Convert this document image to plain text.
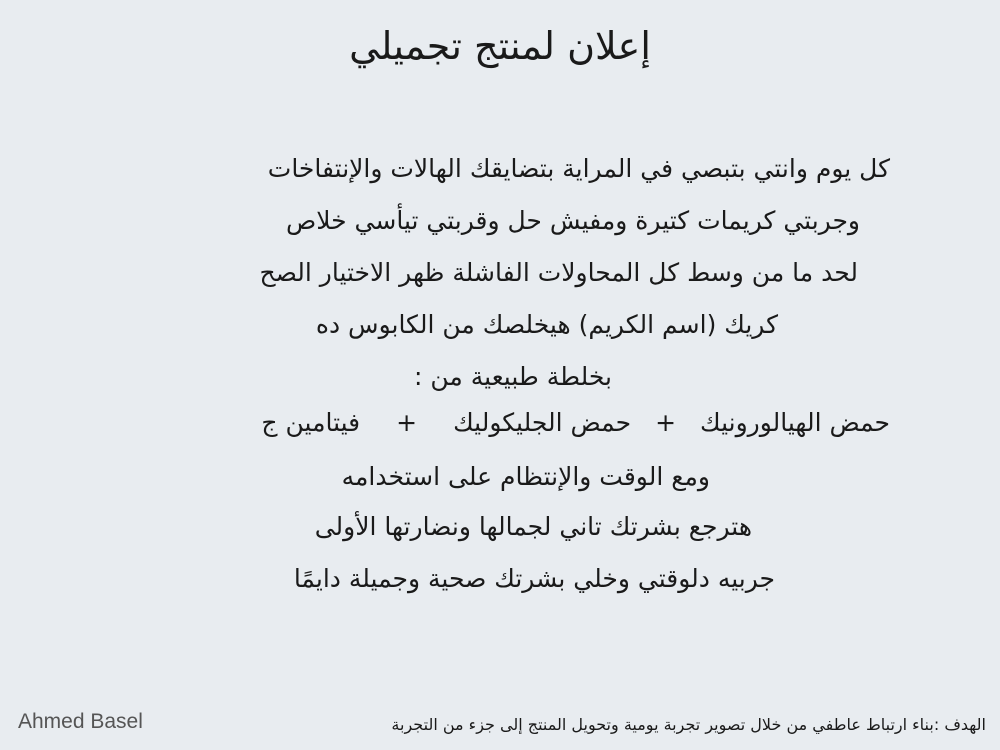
إعلان لمنتج تجميلي
كل يوم وانتي بتبصي في المراية بتضايقك الهالات والإنتفاخات
وجربتي كريمات كتيرة ومفيش حل وقربتي تيأسي خلاص
لحد ما من وسط كل المحاولات الفاشلة ظهر الاختيار الصح
كريك (اسم الكريم) هيخلصك من الكابوس ده
بخلطة طبيعية من :
حمض الهيالورونيك+حمض الجليكوليك+فيتامين ج
ومع الوقت والإنتظام على استخدامه
هترجع بشرتك تاني لجمالها ونضارتها الأولى
جربيه دلوقتي وخلي بشرتك صحية وجميلة دايمًا
الهدف :بناء ارتباط عاطفي من خلال تصوير تجربة يومية وتحويل المنتج إلى جزء من التجربة
Ahmed Basel
